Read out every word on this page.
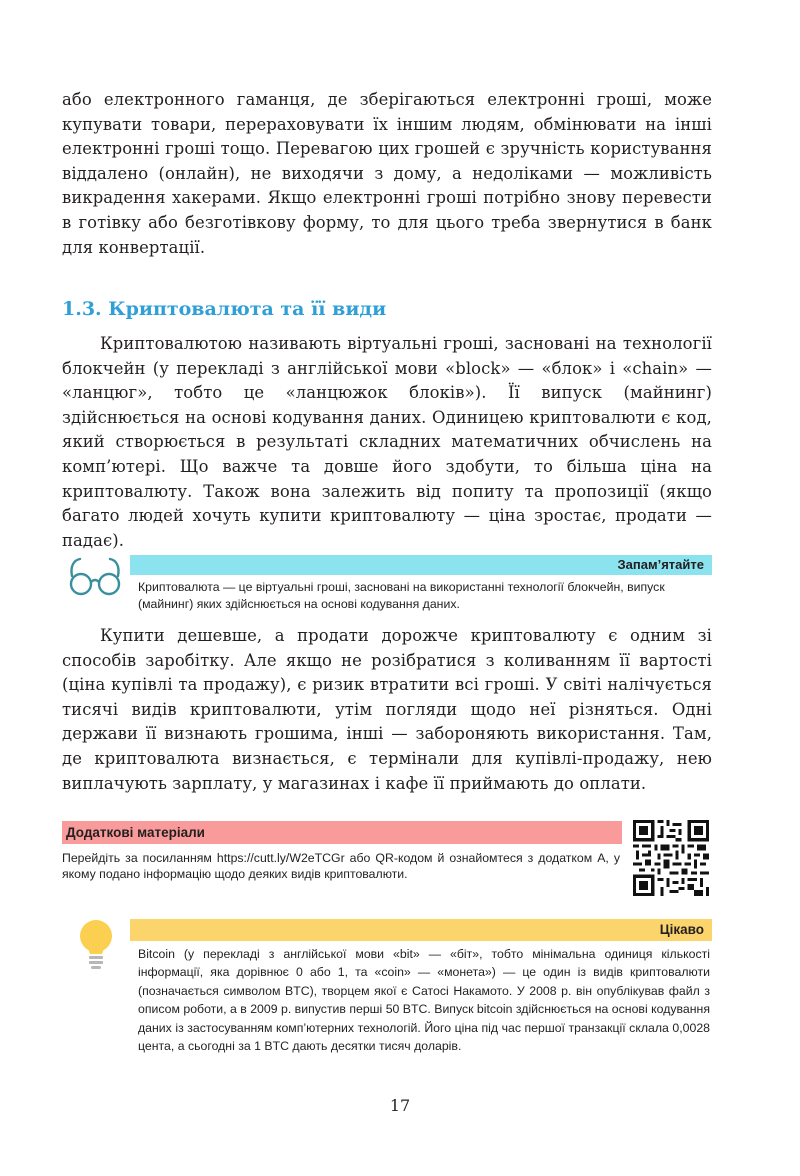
або електронного гаманця, де зберігаються електронні гроші, може купувати товари, перераховувати їх іншим людям, обмінювати на інші електронні гроші тощо. Перевагою цих грошей є зручність користування віддалено (онлайн), не виходячи з дому, а недоліками — можливість викрадення хакерами. Якщо електронні гроші потрібно знову перевести в готівку або безготівкову форму, то для цього треба звернутися в банк для конвертації.

1.3. Криптовалюта та її види

Криптовалютою називають віртуальні гроші, засновані на технології блокчейн (у перекладі з англійської мови «block» — «блок» і «chain» — «ланцюг», тобто це «ланцюжок блоків»). Її випуск (майнинг) здійснюється на основі кодування даних. Одиницею криптовалюти є код, який створюється в результаті складних математичних обчислень на комп’ютері. Що важче та довше його здобути, то більша ціна на криптовалюту. Також вона залежить від попиту та пропозиції (якщо багато людей хочуть купити криптовалюту — ціна зростає, продати — падає).

Запам’ятайте

Криптовалюта — це віртуальні гроші, засновані на використанні технології блокчейн, випуск (майнинг) яких здійснюється на основі кодування даних.

Купити дешевше, а продати дорожче криптовалюту є одним зі способів заробітку. Але якщо не розібратися з коливанням її вартості (ціна купівлі та продажу), є ризик втратити всі гроші. У світі налічується тисячі видів криптовалюти, утім погляди щодо неї різняться. Одні держави її визнають грошима, інші — забороняють використання. Там, де криптовалюта визнається, є термінали для купівлі-продажу, нею виплачують зарплату, у магазинах і кафе її приймають до оплати.

Додаткові матеріали

Перейдіть за посиланням https://cutt.ly/W2eTCGr або QR-кодом й ознайомтеся з додатком А, у якому подано інформацію щодо деяких видів криптовалюти.

Цікаво

Bitcoin (у перекладі з англійської мови «bit» — «біт», тобто мінімальна одиниця кількості інформації, яка дорівнює 0 або 1, та «coin» — «монета») — це один із видів криптовалюти (позначається символом BTC), творцем якої є Сатосі Накамото. У 2008 р. він опублікував файл з описом роботи, а в 2009 р. випустив перші 50 BTC. Випуск bitcoin здійснюється на основі кодування даних із застосуванням комп’ютерних технологій. Його ціна під час першої транзакції склала 0,0028 цента, а сьогодні за 1 BTC дають десятки тисяч доларів.

17
